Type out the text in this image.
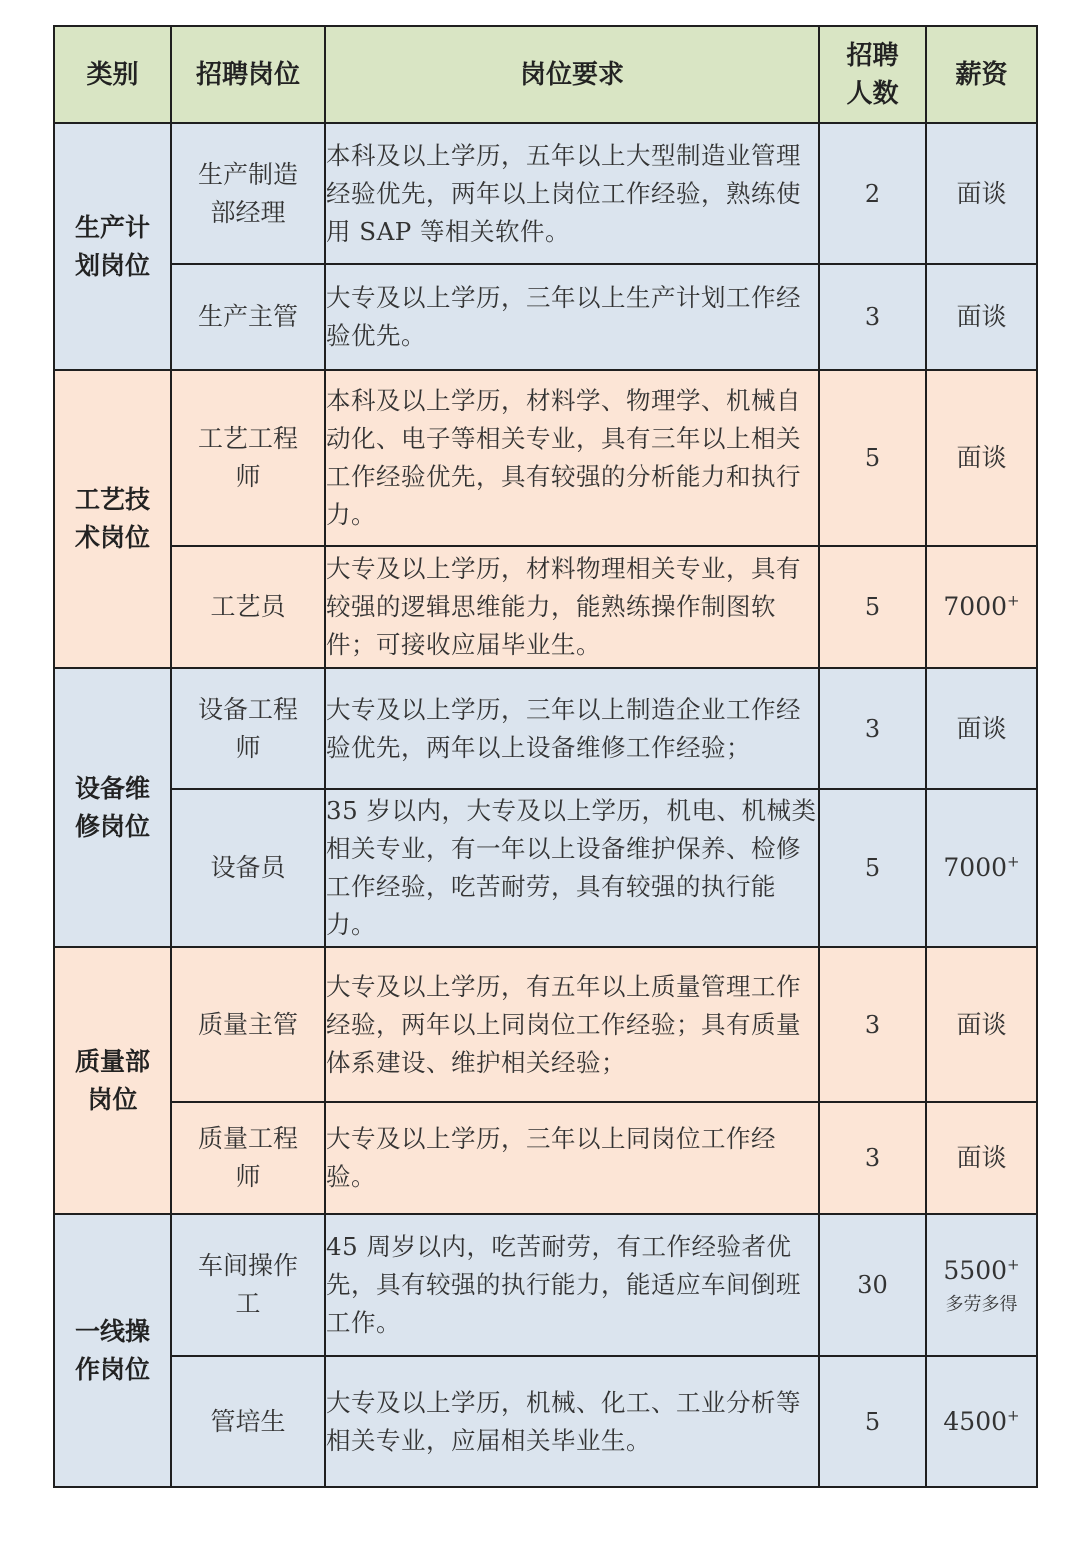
类别	招聘岗位	岗位要求	招聘人数	薪资

生产计划岗位	生产制造部经理	本科及以上学历，五年以上大型制造业管理经验优先，两年以上岗位工作经验，熟练使用 SAP 等相关软件。	2	面谈
	生产主管	大专及以上学历，三年以上生产计划工作经验优先。	3	面谈

工艺技术岗位	工艺工程师	本科及以上学历，材料学、物理学、机械自动化、电子等相关专业，具有三年以上相关工作经验优先，具有较强的分析能力和执行力。	5	面谈
	工艺员	大专及以上学历，材料物理相关专业，具有较强的逻辑思维能力，能熟练操作制图软件；可接收应届毕业生。	5	7000+

设备维修岗位	设备工程师	大专及以上学历，三年以上制造企业工作经验优先，两年以上设备维修工作经验；	3	面谈
	设备员	35 岁以内，大专及以上学历，机电、机械类相关专业，有一年以上设备维护保养、检修工作经验，吃苦耐劳，具有较强的执行能力。	5	7000+

质量部岗位	质量主管	大专及以上学历，有五年以上质量管理工作经验，两年以上同岗位工作经验；具有质量体系建设、维护相关经验；	3	面谈

	质量工程师	大专及以上学历，三年以上同岗位工作经验。	3	面谈

一线操作岗位	车间操作工	45 周岁以内，吃苦耐劳，有工作经验者优先，具有较强的执行能力，能适应车间倒班工作。	30	5500+
多劳多得

	管培生	大专及以上学历，机械、化工、工业分析等相关专业，应届相关毕业生。	5	4500+
